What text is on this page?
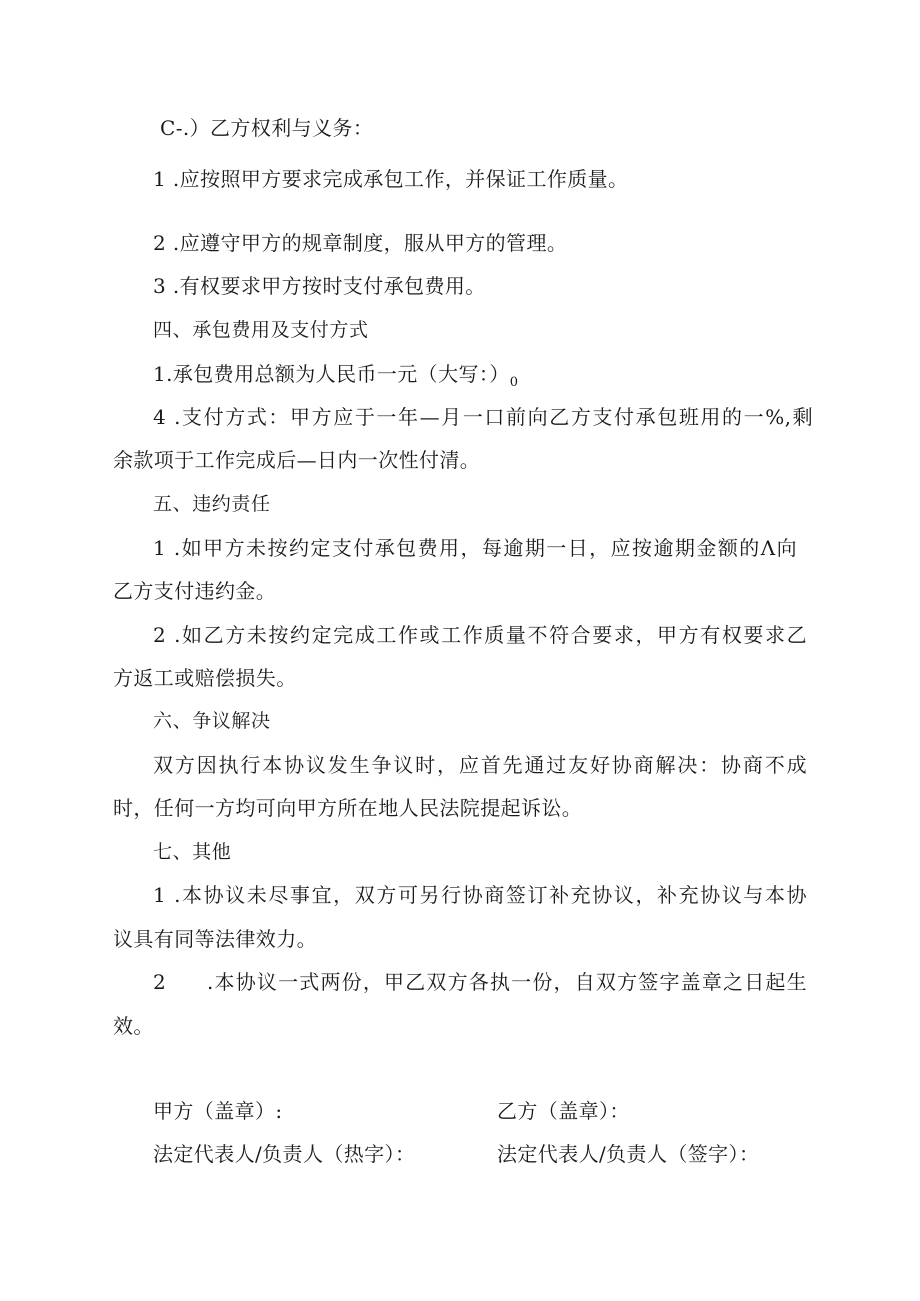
C-.）乙方权利与义务：
1 .应按照甲方要求完成承包工作，并保证工作质量。
2 .应遵守甲方的规章制度，服从甲方的管理。
3 .有权要求甲方按时支付承包费用。
四、承包费用及支付方式
1.承包费用总额为人民币一元（大写：）$_0$
4 .支付方式：甲方应于一年—月一口前向乙方支付承包班用的一%,剩
余款项于工作完成后—日内一次性付清。
五、违约责任
1 .如甲方未按约定支付承包费用，每逾期一日，应按逾期金额的Λ向
乙方支付违约金。
2 .如乙方未按约定完成工作或工作质量不符合要求，甲方有权要求乙
方返工或赔偿损失。
六、争议解决
双方因执行本协议发生争议时，应首先通过友好协商解决：协商不成
时，任何一方均可向甲方所在地人民法院提起诉讼。
七、其他
1 .本协议未尽事宜，双方可另行协商签订补充协议，补充协议与本协
议具有同等法律效力。
2	.本协议一式两份，甲乙双方各执一份，自双方签字盖章之日起生
效。
甲方（盖章）:	乙方（盖章）：
法定代表人/负责人（热字）：	法定代表人/负责人（签字）：
